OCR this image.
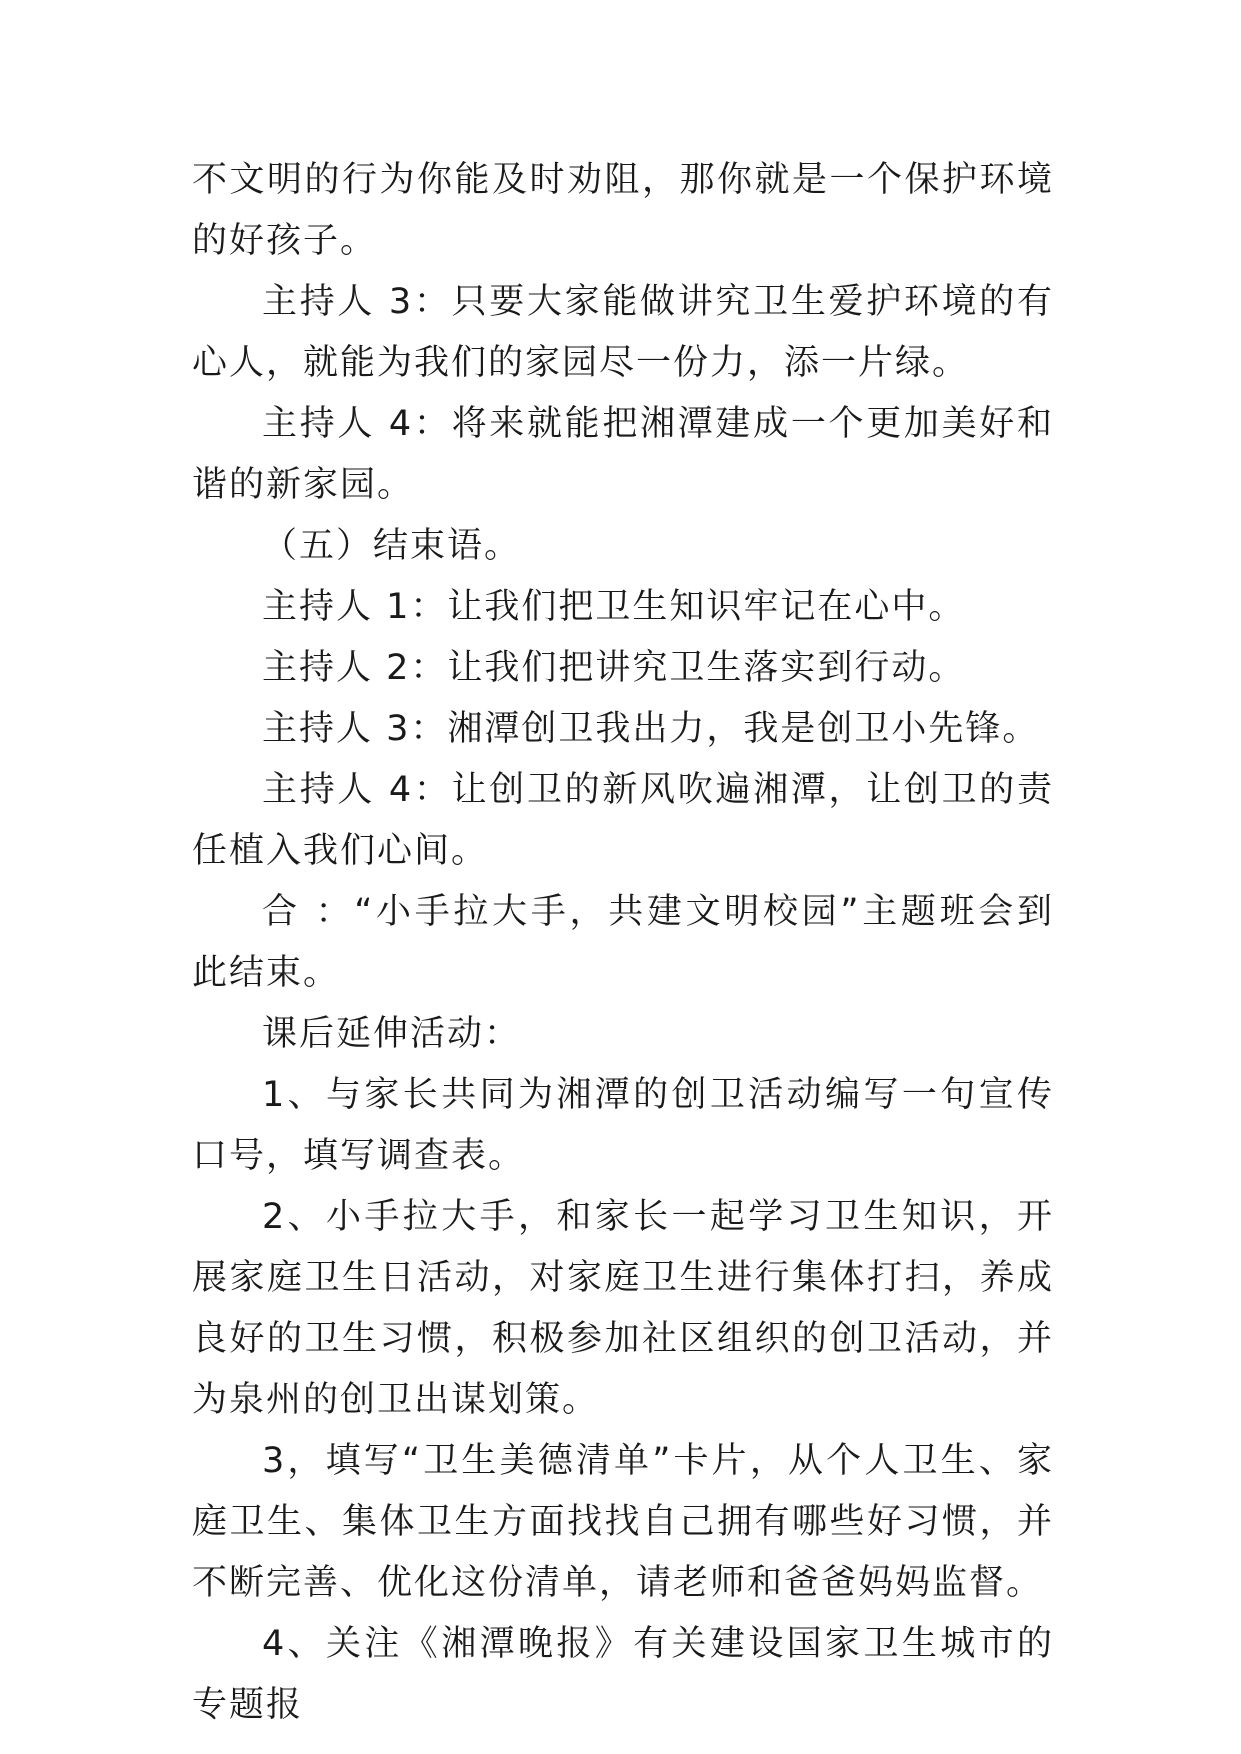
不文明的行为你能及时劝阻，那你就是一个保护环境的好孩子。

主持人 3：只要大家能做讲究卫生爱护环境的有心人，就能为我们的家园尽一份力，添一片绿。

主持人 4：将来就能把湘潭建成一个更加美好和谐的新家园。

（五）结束语。

主持人 1：让我们把卫生知识牢记在心中。

主持人 2：让我们把讲究卫生落实到行动。

主持人 3：湘潭创卫我出力，我是创卫小先锋。

主持人 4：让创卫的新风吹遍湘潭，让创卫的责任植入我们心间。

合 ：“小手拉大手，共建文明校园”主题班会到此结束。

课后延伸活动：

1、与家长共同为湘潭的创卫活动编写一句宣传口号，填写调查表。

2、小手拉大手，和家长一起学习卫生知识，开展家庭卫生日活动，对家庭卫生进行集体打扫，养成良好的卫生习惯，积极参加社区组织的创卫活动，并为泉州的创卫出谋划策。

3，填写“卫生美德清单”卡片，从个人卫生、家庭卫生、集体卫生方面找找自己拥有哪些好习惯，并不断完善、优化这份清单，请老师和爸爸妈妈监督。

4、关注《湘潭晚报》有关建设国家卫生城市的专题报
